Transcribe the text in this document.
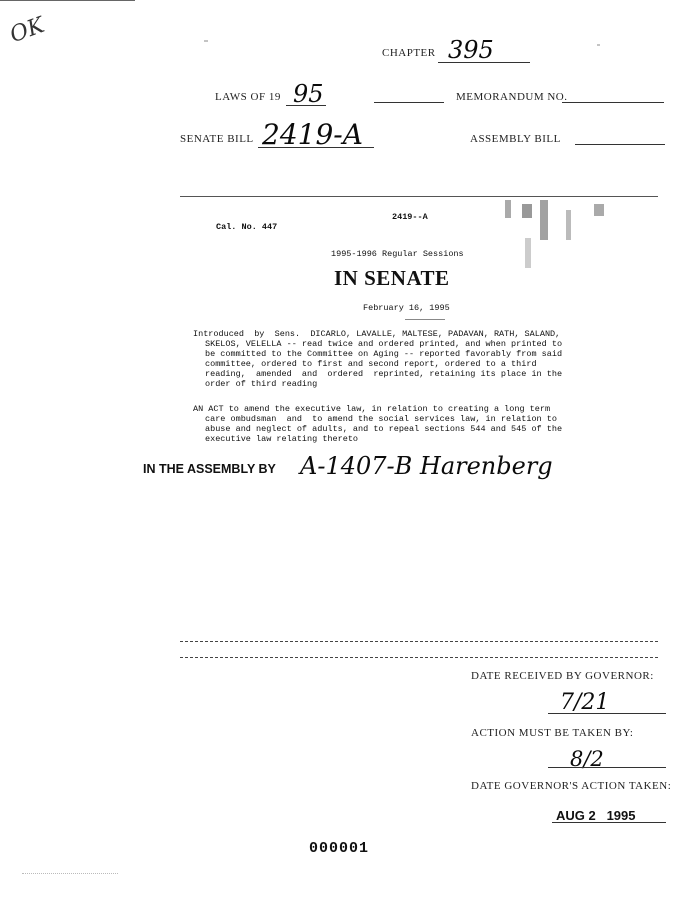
OK
CHAPTER 395
LAWS OF 19 95	MEMORANDUM NO.
SENATE BILL 2419-A	ASSEMBLY BILL
2419--A
Cal. No. 447
1995-1996 Regular Sessions
IN SENATE
February 16, 1995
Introduced  by  Sens.  DICARLO, LAVALLE, MALTESE, PADAVAN, RATH, SALAND,
SKELOS, VELELLA -- read twice and ordered printed, and when printed to
be committed to the Committee on Aging -- reported favorably from said
committee, ordered to first and second report, ordered to a third
reading,  amended  and  ordered  reprinted, retaining its place in the
order of third reading
AN ACT to amend the executive law, in relation to creating a long term
care ombudsman  and  to amend the social services law, in relation to
abuse and neglect of adults, and to repeal sections 544 and 545 of the
executive law relating thereto
IN THE ASSEMBLY BY A-1407-B Harenberg
DATE RECEIVED BY GOVERNOR:
7/21
ACTION MUST BE TAKEN BY:
8/2
DATE GOVERNOR'S ACTION TAKEN:
AUG 2   1995
000001
